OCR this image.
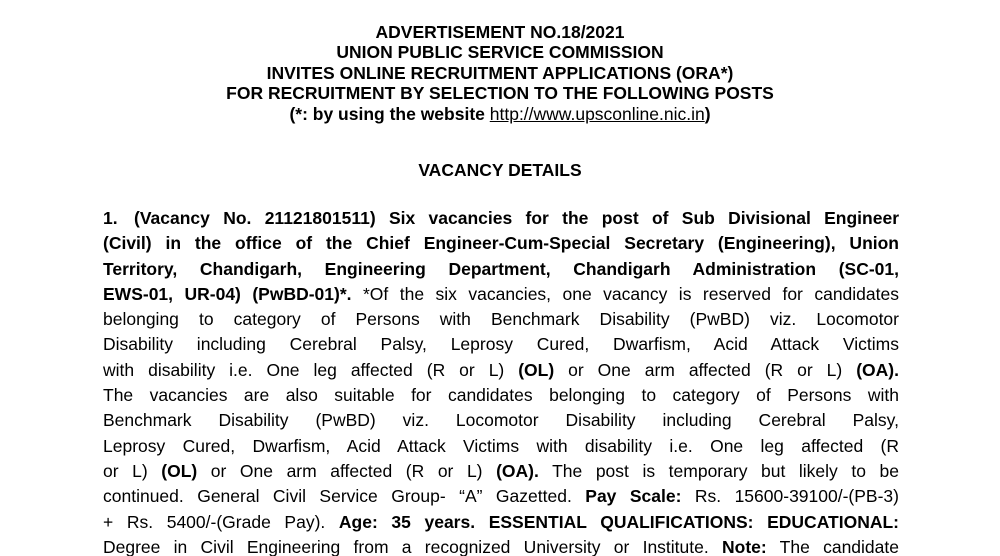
ADVERTISEMENT NO.18/2021
UNION PUBLIC SERVICE COMMISSION
INVITES ONLINE RECRUITMENT APPLICATIONS (ORA*)
FOR RECRUITMENT BY SELECTION TO THE FOLLOWING POSTS
(*: by using the website http://www.upsconline.nic.in)
VACANCY DETAILS
1. (Vacancy No. 21121801511) Six vacancies for the post of Sub Divisional Engineer
(Civil) in the office of the Chief Engineer-Cum-Special Secretary (Engineering), Union
Territory, Chandigarh, Engineering Department, Chandigarh Administration (SC-01,
EWS-01, UR-04) (PwBD-01)*. *Of the six vacancies, one vacancy is reserved for candidates
belonging to category of Persons with Benchmark Disability (PwBD) viz. Locomotor
Disability including Cerebral Palsy, Leprosy Cured, Dwarfism, Acid Attack Victims
with disability i.e. One leg affected (R or L) (OL) or One arm affected (R or L) (OA).
The vacancies are also suitable for candidates belonging to category of Persons with
Benchmark Disability (PwBD) viz. Locomotor Disability including Cerebral Palsy,
Leprosy Cured, Dwarfism, Acid Attack Victims with disability i.e. One leg affected (R
or L) (OL) or One arm affected (R or L) (OA). The post is temporary but likely to be
continued. General Civil Service Group- “A” Gazetted. Pay Scale: Rs. 15600-39100/-(PB-3)
+ Rs. 5400/-(Grade Pay). Age: 35 years. ESSENTIAL QUALIFICATIONS: EDUCATIONAL:
Degree in Civil Engineering from a recognized University or Institute. Note: The candidate
